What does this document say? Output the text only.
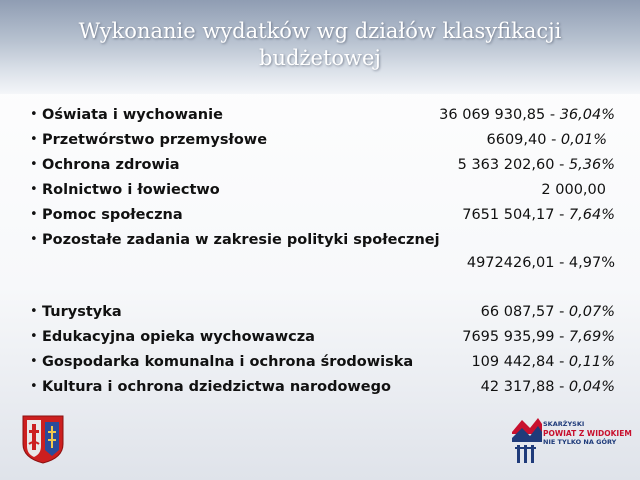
Wykonanie wydatków wg działów klasyfikacji budżetowej
• Oświata i wychowanie	36 069 930,85 - 36,04%
• Przetwórstwo przemysłowe	6609,40 - 0,01%
• Ochrona zdrowia	5 363 202,60 - 5,36%
• Rolnictwo i łowiectwo	2 000,00
• Pomoc społeczna	7651 504,17 - 7,64%
• Pozostałe zadania w zakresie polityki społecznej
4972426,01 - 4,97%
• Turystyka	66 087,57 - 0,07%
• Edukacyjna opieka wychowawcza	7695 935,99 - 7,69%
• Gospodarka komunalna i ochrona środowiska	109 442,84 - 0,11%
• Kultura i ochrona dziedzictwa narodowego	42 317,88 - 0,04%
SKARŻYSKI
POWIAT Z WIDOKIEM
NIE TYLKO NA GÓRY
